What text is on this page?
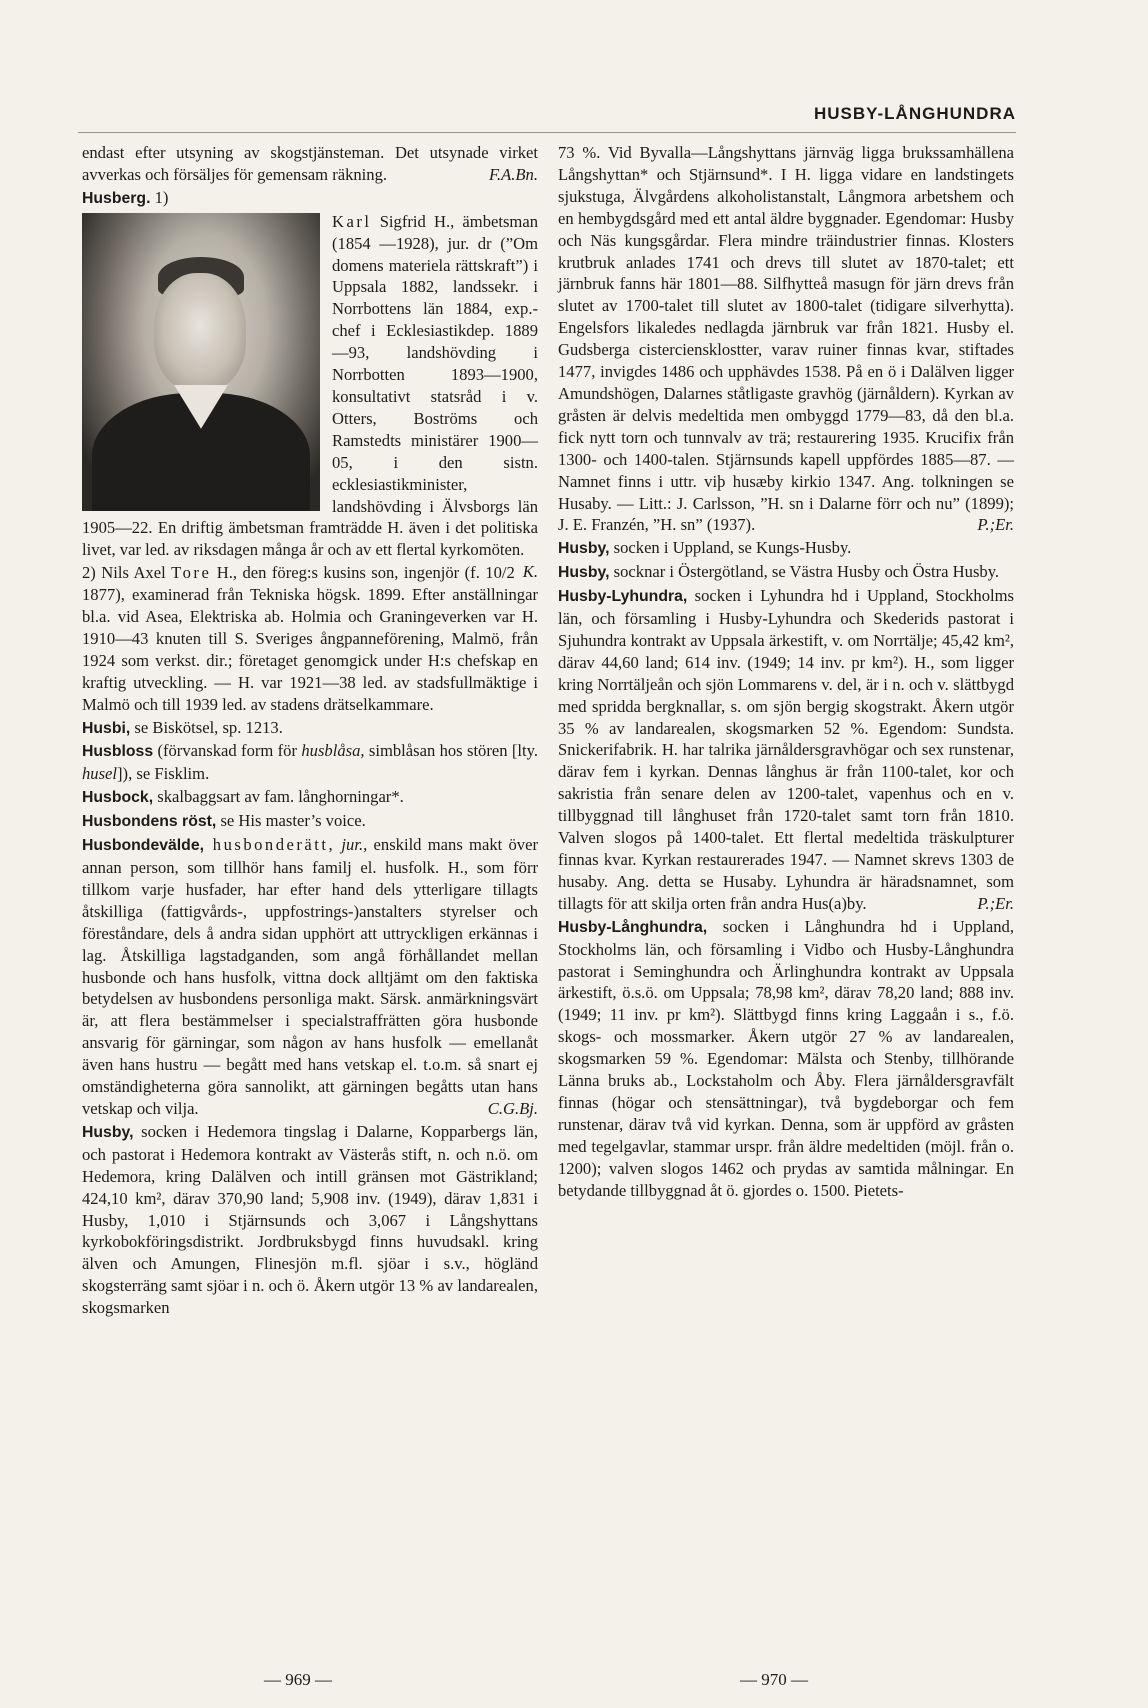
HUSBY-LÅNGHUNDRA

endast efter utsyning av skogstjänsteman. Det utsynade virket avverkas och försäljes för gemensam räkning.	F.A.Bn.

Husberg. 1)

Karl Sigfrid H., ämbetsman (1854 —1928), jur. dr (”Om domens materiela rättskraft”) i Uppsala 1882, landssekr. i Norrbottens län 1884, exp.-chef i Ecklesiastikdep. 1889 —93, landshövding i Norrbotten 1893—1900, konsultativt statsråd i v. Otters, Boströms och Ramstedts ministärer 1900—05, i den sistn. ecklesiastikminister, landshövding i Älvsborgs län 1905—22. En driftig ämbetsman framträdde H. även i det politiska livet, var led. av riksdagen många år och av ett flertal kyrkomöten.
K.

2) Nils Axel Tore H., den föreg:s kusins son, ingenjör (f. 10/2 1877), examinerad från Tekniska högsk. 1899. Efter anställningar bl.a. vid Asea, Elektriska ab. Holmia och Graningeverken var H. 1910—43 knuten till S. Sveriges ångpanneförening, Malmö, från 1924 som verkst. dir.; företaget genomgick under H:s chefskap en kraftig utveckling. — H. var 1921—38 led. av stadsfullmäktige i Malmö och till 1939 led. av stadens drätselkammare.

Husbi, se Biskötsel, sp. 1213.

Husbloss (förvanskad form för husblåsa, simblåsan hos stören [lty. husel]), se Fisklim.

Husbock, skalbaggsart av fam. långhorningar*.

Husbondens röst, se His master’s voice.

Husbondevälde, husbonderätt, jur., enskild mans makt över annan person, som tillhör hans familj el. husfolk. H., som förr tillkom varje husfader, har efter hand dels ytterligare tillagts åtskilliga (fattigvårds-, uppfostrings-)anstalters styrelser och föreståndare, dels å andra sidan upphört att uttryckligen erkännas i lag. Åtskilliga lagstadganden, som angå förhållandet mellan husbonde och hans husfolk, vittna dock alltjämt om den faktiska betydelsen av husbondens personliga makt. Särsk. anmärkningsvärt är, att flera bestämmelser i specialstraffrätten göra husbonde ansvarig för gärningar, som någon av hans husfolk — emellanåt även hans hustru — begått med hans vetskap el. t.o.m. så snart ej omständigheterna göra sannolikt, att gärningen begåtts utan hans vetskap och vilja.	C.G.Bj.

Husby, socken i Hedemora tingslag i Dalarne, Kopparbergs län, och pastorat i Hedemora kontrakt av Västerås stift, n. och n.ö. om Hedemora, kring Dalälven och intill gränsen mot Gästrikland; 424,10 km², därav 370,90 land; 5,908 inv. (1949), därav 1,831 i Husby, 1,010 i Stjärnsunds och 3,067 i Långshyttans kyrkobokföringsdistrikt. Jordbruksbygd finns huvudsakl. kring älven och Amungen, Flinesjön m.fl. sjöar i s.v., högländ skogsterräng samt sjöar i n. och ö. Åkern utgör 13 % av landarealen, skogsmarken

73 %. Vid Byvalla—Långshyttans järnväg ligga brukssamhällena Långshyttan* och Stjärnsund*. I H. ligga vidare en landstingets sjukstuga, Älvgårdens alkoholistanstalt, Långmora arbetshem och en hembygdsgård med ett antal äldre byggnader. Egendomar: Husby och Näs kungsgårdar. Flera mindre träindustrier finnas. Klosters krutbruk anlades 1741 och drevs till slutet av 1870-talet; ett järnbruk fanns här 1801—88. Silfhytteå masugn för järn drevs från slutet av 1700-talet till slutet av 1800-talet (tidigare silverhytta). Engelsfors likaledes nedlagda järnbruk var från 1821. Husby el. Gudsberga cisterciensklostter, varav ruiner finnas kvar, stiftades 1477, invigdes 1486 och upphävdes 1538. På en ö i Dalälven ligger Amundshögen, Dalarnes ståtligaste gravhög (järnåldern). Kyrkan av gråsten är delvis medeltida men ombyggd 1779—83, då den bl.a. fick nytt torn och tunnvalv av trä; restaurering 1935. Krucifix från 1300- och 1400-talen. Stjärnsunds kapell uppfördes 1885—87. — Namnet finns i uttr. viþ husæby kirkio 1347. Ang. tolkningen se Husaby. — Litt.: J. Carlsson, ”H. sn i Dalarne förr och nu” (1899); J. E. Franzén, ”H. sn” (1937).	P.;Er.

Husby, socken i Uppland, se Kungs-Husby.

Husby, socknar i Östergötland, se Västra Husby och Östra Husby.

Husby-Lyhundra, socken i Lyhundra hd i Uppland, Stockholms län, och församling i Husby-Lyhundra och Skederids pastorat i Sjuhundra kontrakt av Uppsala ärkestift, v. om Norrtälje; 45,42 km², därav 44,60 land; 614 inv. (1949; 14 inv. pr km²). H., som ligger kring Norrtäljeån och sjön Lommarens v. del, är i n. och v. slättbygd med spridda bergknallar, s. om sjön bergig skogstrakt. Åkern utgör 35 % av landarealen, skogsmarken 52 %. Egendom: Sundsta. Snickerifabrik. H. har talrika järnåldersgravhögar och sex runstenar, därav fem i kyrkan. Dennas långhus är från 1100-talet, kor och sakristia från senare delen av 1200-talet, vapenhus och en v. tillbyggnad till långhuset från 1720-talet samt torn från 1810. Valven slogos på 1400-talet. Ett flertal medeltida träskulpturer finnas kvar. Kyrkan restaurerades 1947. — Namnet skrevs 1303 de husaby. Ang. detta se Husaby. Lyhundra är häradsnamnet, som tillagts för att skilja orten från andra Hus(a)by.	P.;Er.

Husby-Långhundra, socken i Långhundra hd i Uppland, Stockholms län, och församling i Vidbo och Husby-Långhundra pastorat i Seminghundra och Ärlinghundra kontrakt av Uppsala ärkestift, ö.s.ö. om Uppsala; 78,98 km², därav 78,20 land; 888 inv. (1949; 11 inv. pr km²). Slättbygd finns kring Laggaån i s., f.ö. skogs- och mossmarker. Åkern utgör 27 % av landarealen, skogsmarken 59 %. Egendomar: Mälsta och Stenby, tillhörande Länna bruks ab., Lockstaholm och Åby. Flera järnåldersgravfält finnas (högar och stensättningar), två bygdeborgar och fem runstenar, därav två vid kyrkan. Denna, som är uppförd av gråsten med tegelgavlar, stammar urspr. från äldre medeltiden (möjl. från o. 1200); valven slogos 1462 och prydas av samtida målningar. En betydande tillbyggnad åt ö. gjordes o. 1500. Pietets-

— 969 —	— 970 —
